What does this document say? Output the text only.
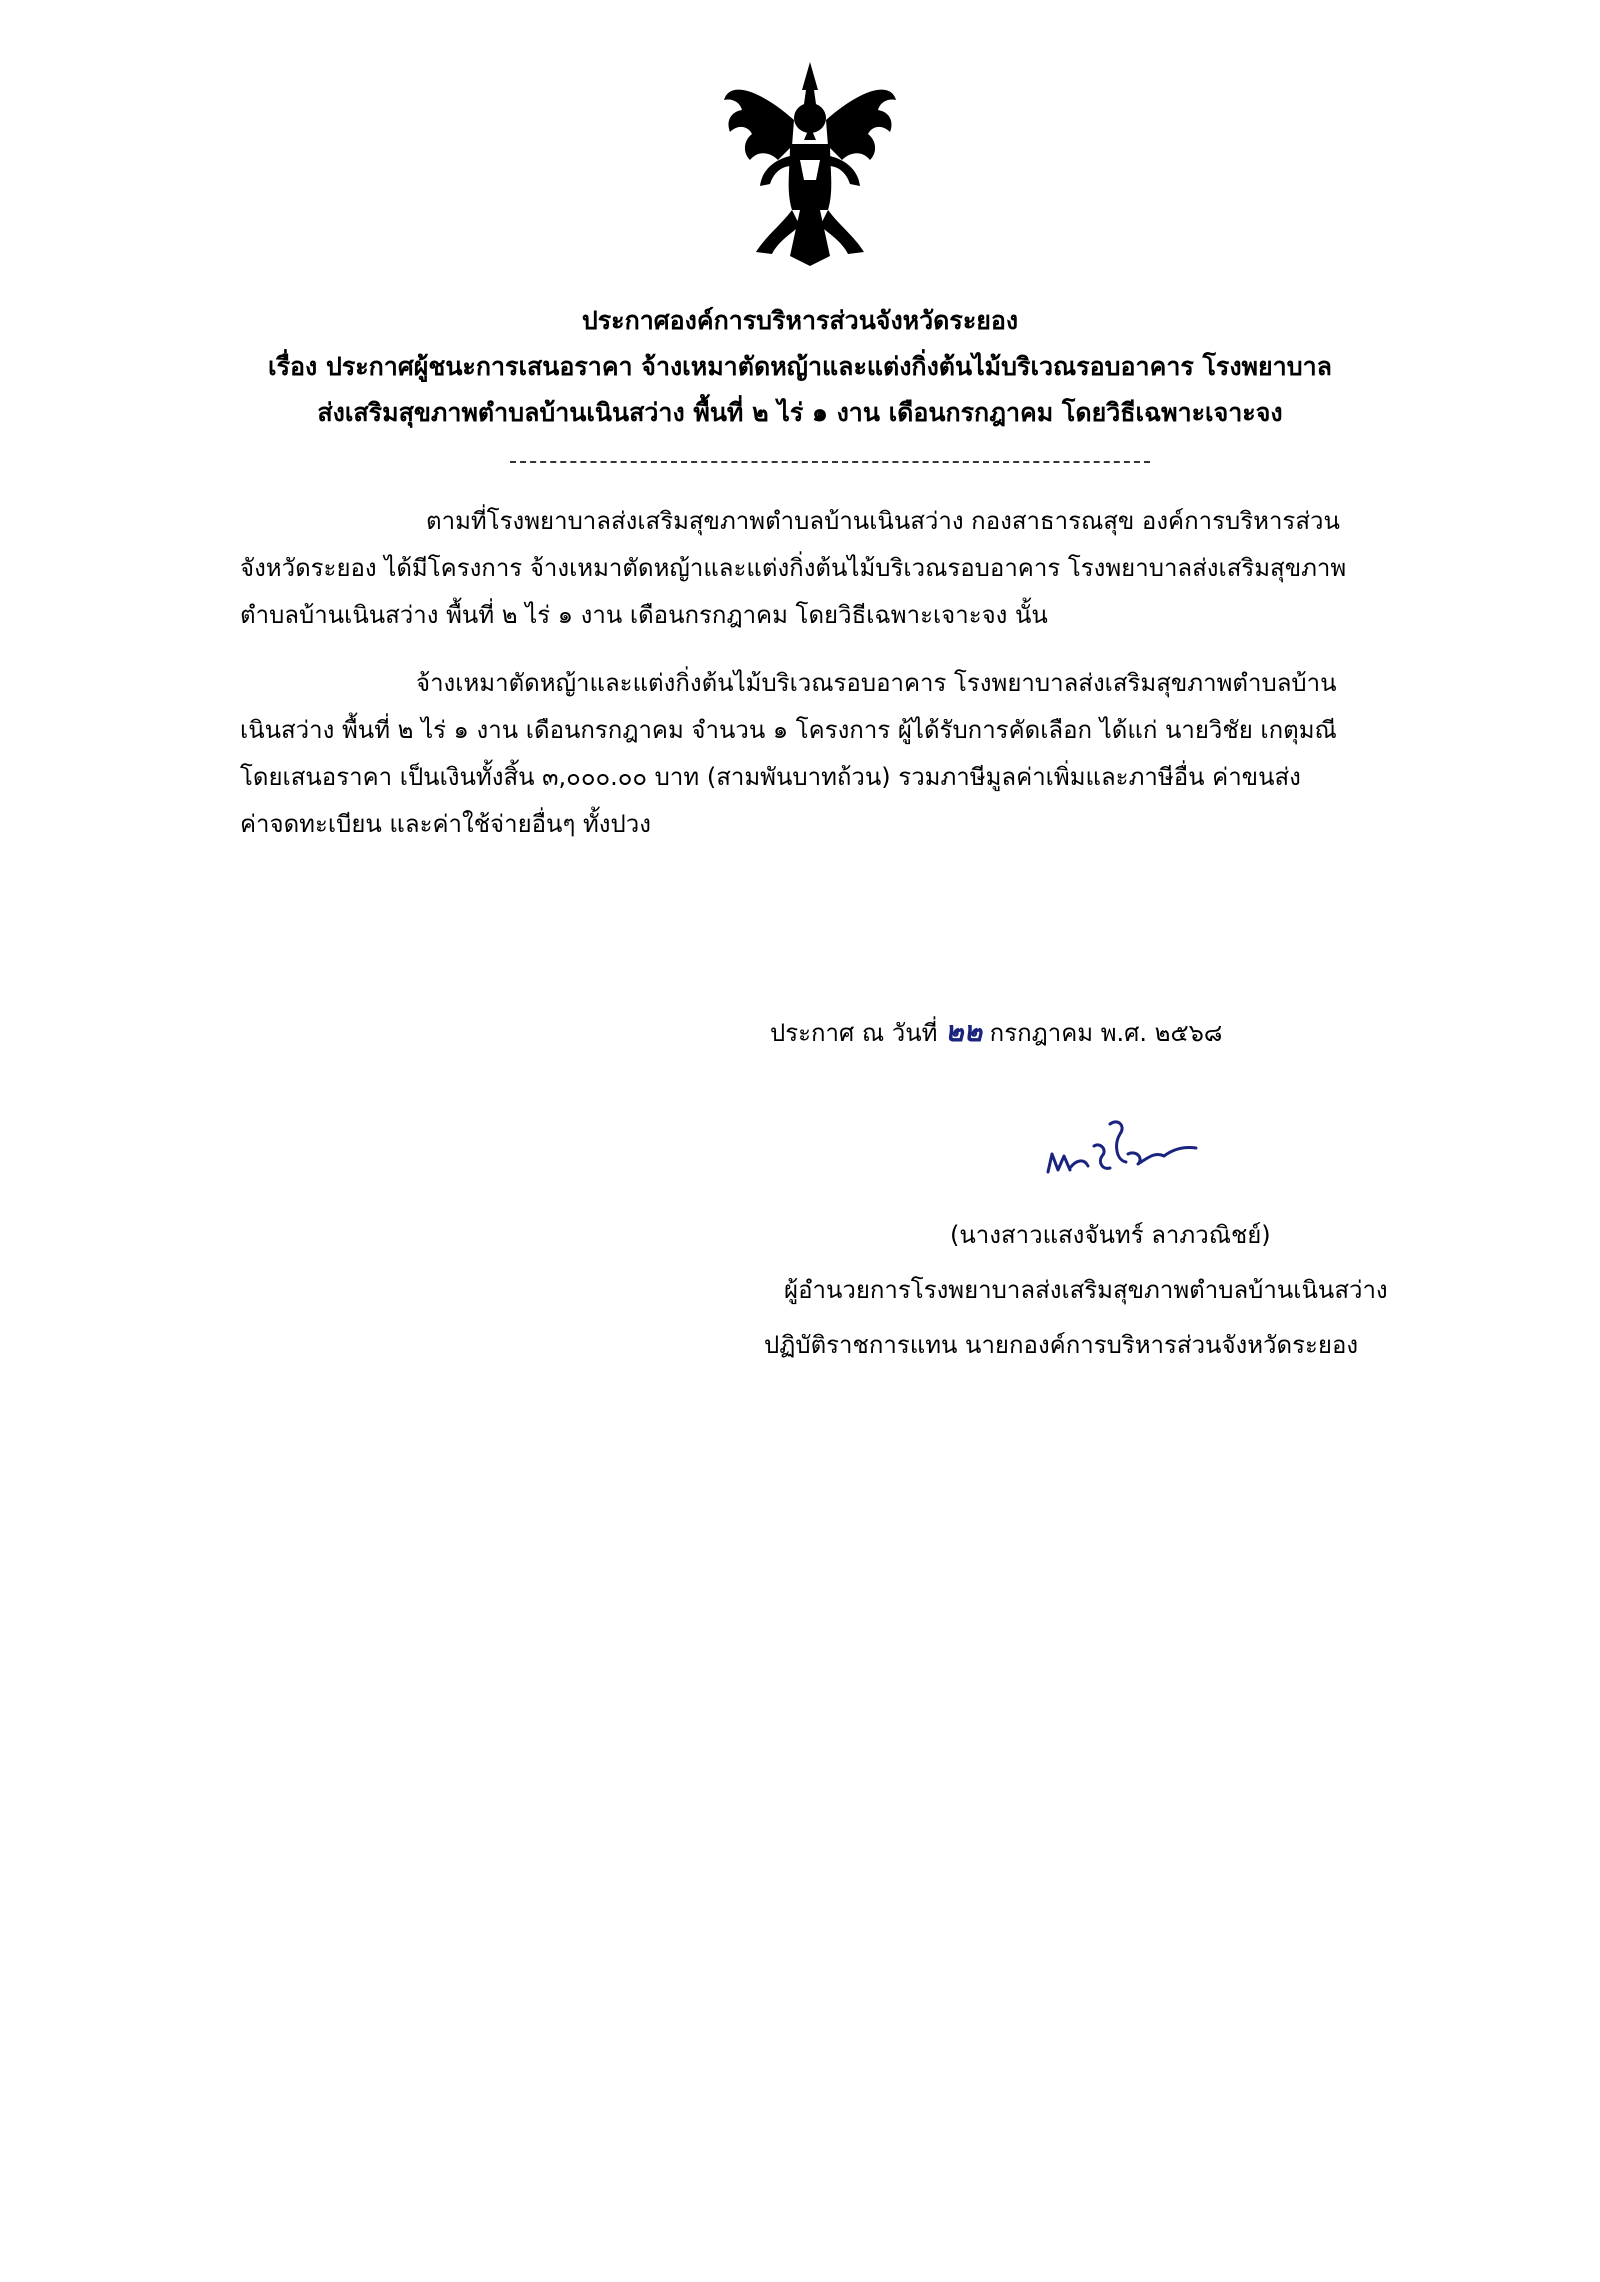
ประกาศองค์การบริหารส่วนจังหวัดระยอง
เรื่อง ประกาศผู้ชนะการเสนอราคา จ้างเหมาตัดหญ้าและแต่งกิ่งต้นไม้บริเวณรอบอาคาร โรงพยาบาล
ส่งเสริมสุขภาพตำบลบ้านเนินสว่าง พื้นที่ ๒ ไร่ ๑ งาน เดือนกรกฎาคม โดยวิธีเฉพาะเจาะจง
ตามที่โรงพยาบาลส่งเสริมสุขภาพตำบลบ้านเนินสว่าง กองสาธารณสุข องค์การบริหารส่วน
จังหวัดระยอง ได้มีโครงการ จ้างเหมาตัดหญ้าและแต่งกิ่งต้นไม้บริเวณรอบอาคาร โรงพยาบาลส่งเสริมสุขภาพ
ตำบลบ้านเนินสว่าง พื้นที่ ๒ ไร่ ๑ งาน เดือนกรกฎาคม โดยวิธีเฉพาะเจาะจง นั้น
จ้างเหมาตัดหญ้าและแต่งกิ่งต้นไม้บริเวณรอบอาคาร โรงพยาบาลส่งเสริมสุขภาพตำบลบ้าน
เนินสว่าง พื้นที่ ๒ ไร่ ๑ งาน เดือนกรกฎาคม จำนวน ๑ โครงการ ผู้ได้รับการคัดเลือก ได้แก่ นายวิชัย เกตุมณี
โดยเสนอราคา เป็นเงินทั้งสิ้น ๓,๐๐๐.๐๐ บาท (สามพันบาทถ้วน) รวมภาษีมูลค่าเพิ่มและภาษีอื่น ค่าขนส่ง
ค่าจดทะเบียน และค่าใช้จ่ายอื่นๆ ทั้งปวง
ประกาศ ณ วันที่ ๒๒ กรกฎาคม พ.ศ. ๒๕๖๘
(นางสาวแสงจันทร์ ลาภวณิชย์)
ผู้อำนวยการโรงพยาบาลส่งเสริมสุขภาพตำบลบ้านเนินสว่าง
ปฏิบัติราชการแทน นายกองค์การบริหารส่วนจังหวัดระยอง
